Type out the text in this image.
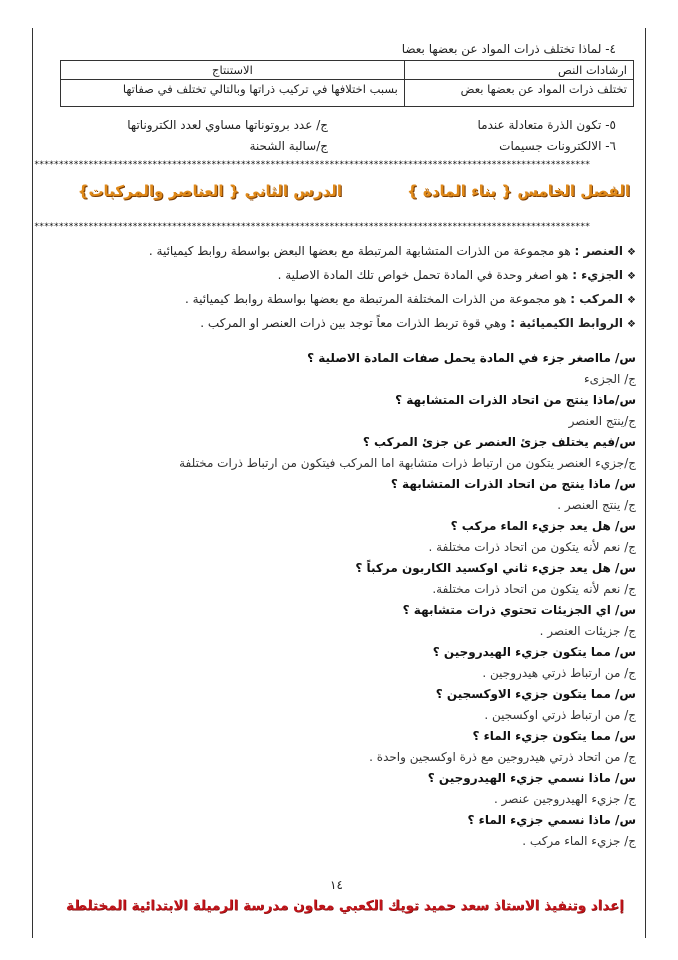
٤- لماذا تختلف ذرات المواد عن بعضها بعضا
ارشادات النص	الاستنتاج
تختلف ذرات المواد عن بعضها بعض	بسبب اختلافها في تركيب ذراتها وبالتالي تختلف في صفاتها
٥- تكون الذرة متعادلة عندما
ج/ عدد بروتوناتها مساوي لعدد الكتروناتها
٦- الالكترونات جسيمات
ج/سالبة الشحنة
*****************************************************************************************************************
الفصل الخامس { بناء المادة }
الدرس الثاني { العناصر والمركبات}
*****************************************************************************************************************
❖العنصر : هو مجموعة من الذرات المتشابهة المرتبطة مع بعضها البعض بواسطة روابط كيميائية .
❖الجزيء : هو اصغر وحدة في المادة تحمل خواص تلك المادة الاصلية .
❖المركب : هو مجموعة من الذرات المختلفة المرتبطة مع بعضها بواسطة روابط كيميائية .
❖الروابط الكيميائية : وهي قوة تربط الذرات معاً توجد بين ذرات العنصر او المركب .
س/ مااصغر جزء في المادة يحمل صفات المادة الاصلية ؟
ج/ الجزىء
س/ماذا ينتج من اتحاد الذرات المتشابهة ؟
ج/ينتج العنصر
س/فيم يختلف جزئ العنصر عن جزئ المركب ؟
ج/جزيء العنصر يتكون من ارتباط ذرات متشابهة اما المركب فيتكون من ارتباط ذرات مختلفة
س/ ماذا ينتج من اتحاد الذرات المتشابهة ؟
ج/ ينتج العنصر .
س/ هل يعد جزيء الماء مركب ؟
ج/ نعم لأنه يتكون من اتحاد ذرات مختلفة .
س/ هل يعد جزيء ثاني اوكسيد الكاربون مركباً ؟
ج/ نعم لأنه يتكون من اتحاد ذرات مختلفة.
س/ اي الجزيئات تحتوي ذرات متشابهة ؟
ج/ جزيئات العنصر .
س/ مما يتكون جزيء الهيدروجين ؟
ج/ من ارتباط ذرتي هيدروجين .
س/ مما يتكون جزيء الاوكسجين ؟
ج/ من ارتباط ذرتي اوكسجين .
س/ مما يتكون جزيء الماء ؟
ج/ من اتحاد ذرتي هيدروجين مع ذرة اوكسجين واحدة .
س/ ماذا نسمي جزيء الهيدروجين ؟
ج/ جزيء الهيدروجين عنصر .
س/ ماذا نسمي جزيء الماء ؟
ج/ جزيء الماء مركب .
١٤
إعداد وتنفيذ الاستاذ سعد حميد تويك الكعبي معاون مدرسة الرميلة الابتدائية المختلطة
